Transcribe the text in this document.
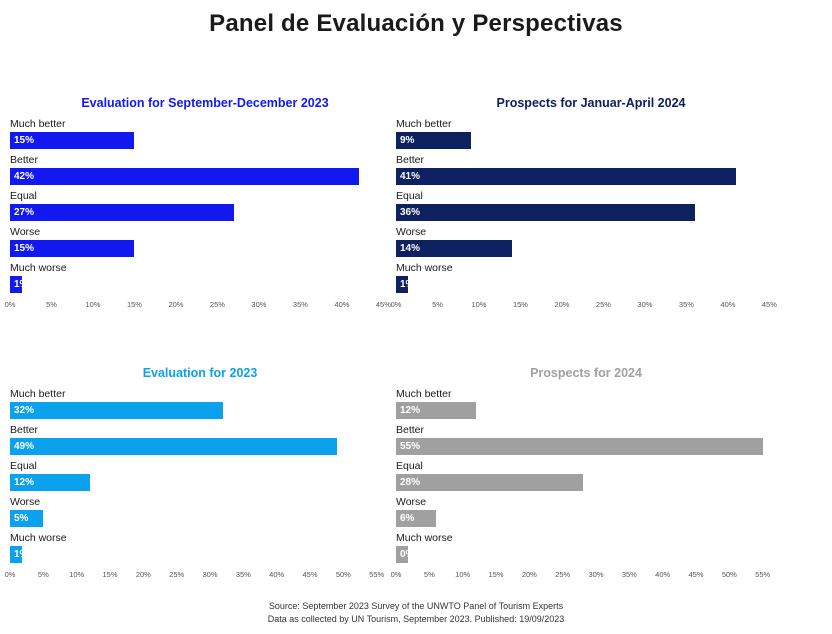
Panel de Evaluación y Perspectivas
Evaluation for September-December 2023
Much better
15%
Better
42%
Equal
27%
Worse
15%
Much worse
1%
0%	5%	10%	15%	20%	25%	30%	35%	40%	45%
Prospects for Januar-April 2024
Much better
9%
Better
41%
Equal
36%
Worse
14%
Much worse
1%
0%	5%	10%	15%	20%	25%	30%	35%	40%	45%
Evaluation for 2023
Much better
32%
Better
49%
Equal
12%
Worse
5%
Much worse
1%
0%	5%	10% 15% 20% 25% 30% 35% 40% 45% 50% 55%
Prospects for 2024
Much better
12%
Better
55%
Equal
28%
Worse
6%
Much worse
0%
0%	5%	10% 15% 20% 25% 30% 35% 40% 45% 50% 55%
Source: September 2023 Survey of the UNWTO Panel of Tourism Experts
Data as collected by UN Tourism, September 2023. Published: 19/09/2023
